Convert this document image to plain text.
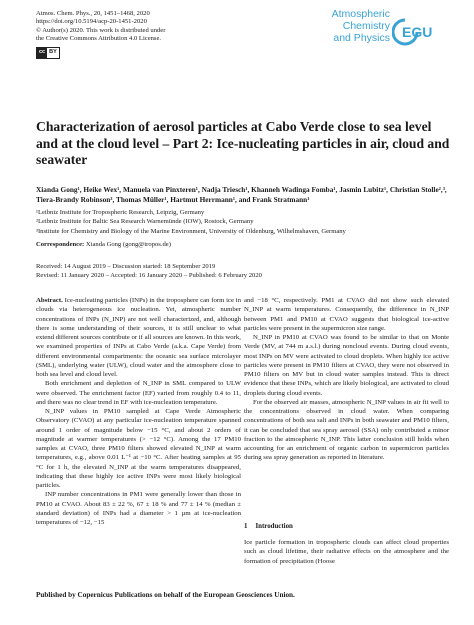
Atmos. Chem. Phys., 20, 1451–1468, 2020
https://doi.org/10.5194/acp-20-1451-2020
© Author(s) 2020. This work is distributed under
the Creative Commons Attribution 4.0 License.
cc BY
Atmospheric
Chemistry
and Physics EGU
Characterization of aerosol particles at Cabo Verde close to sea level and at the cloud level – Part 2: Ice-nucleating particles in air, cloud and seawater
Xianda Gong¹, Heike Wex¹, Manuela van Pinxteren¹, Nadja Triesch¹, Khanneh Wadinga Fomba¹, Jasmin Lubitz¹, Christian Stolle²,³, Tiera-Brandy Robinson³, Thomas Müller¹, Hartmut Herrmann¹, and Frank Stratmann¹
¹Leibniz Institute for Tropospheric Research, Leipzig, Germany
²Leibniz Institute for Baltic Sea Research Warnemünde (IOW), Rostock, Germany
³Institute for Chemistry and Biology of the Marine Environment, University of Oldenburg, Wilhelmshaven, Germany
Correspondence: Xianda Gong (gong@tropos.de)
Received: 14 August 2019 – Discussion started: 18 September 2019
Revised: 11 January 2020 – Accepted: 16 January 2020 – Published: 6 February 2020

Abstract. Ice-nucleating particles (INPs) in the troposphere can form ice in clouds via heterogeneous ice nucleation. Yet, atmospheric number concentrations of INPs (N_INP) are not well characterized, and, although there is some understanding of their sources, it is still unclear to what extend different sources contribute or if all sources are known. In this work, we examined properties of INPs at Cabo Verde (a.k.a. Cape Verde) from different environmental compartments: the oceanic sea surface microlayer (SML), underlying water (ULW), cloud water and the atmosphere close to both sea level and cloud level.

Both enrichment and depletion of N_INP in SML compared to ULW were observed. The enrichment factor (EF) varied from roughly 0.4 to 11, and there was no clear trend in EF with ice-nucleation temperature.

N_INP values in PM10 sampled at Cape Verde Atmospheric Observatory (CVAO) at any particular ice-nucleation temperature spanned around 1 order of magnitude below −15 °C, and about 2 orders of magnitude at warmer temperatures (> −12 °C). Among the 17 PM10 samples at CVAO, three PM10 filters showed elevated N_INP at warm temperatures, e.g., above 0.01 L⁻¹ at −10 °C. After heating samples at 95 °C for 1 h, the elevated N_INP at the warm temperatures disappeared, indicating that these highly ice active INPs were most likely biological particles.

INP number concentrations in PM1 were generally lower than those in PM10 at CVAO. About 83 ± 22 %, 67 ± 18 % and 77 ± 14 % (median ± standard deviation) of INPs had a diameter > 1 µm at ice-nucleation temperatures of −12, −15

and −18 °C, respectively. PM1 at CVAO did not show such elevated N_INP at warm temperatures. Consequently, the difference in N_INP between PM1 and PM10 at CVAO suggests that biological ice-active particles were present in the supermicron size range.

N_INP in PM10 at CVAO was found to be similar to that on Monte Verde (MV, at 744 m a.s.l.) during noncloud events. During cloud events, most INPs on MV were activated to cloud droplets. When highly ice active particles were present in PM10 filters at CVAO, they were not observed in PM10 filters on MV but in cloud water samples instead. This is direct evidence that these INPs, which are likely biological, are activated to cloud droplets during cloud events.

For the observed air masses, atmospheric N_INP values in air fit well to the concentrations observed in cloud water. When comparing concentrations of both sea salt and INPs in both seawater and PM10 filters, it can be concluded that sea spray aerosol (SSA) only contributed a minor fraction to the atmospheric N_INP. This latter conclusion still holds when accounting for an enrichment of organic carbon in supermicron particles during sea spray generation as reported in literature.

1 Introduction
Ice particle formation in tropospheric clouds can affect cloud properties such as cloud lifetime, their radiative effects on the atmosphere and the formation of precipitation (Hoose
Published by Copernicus Publications on behalf of the European Geosciences Union.
